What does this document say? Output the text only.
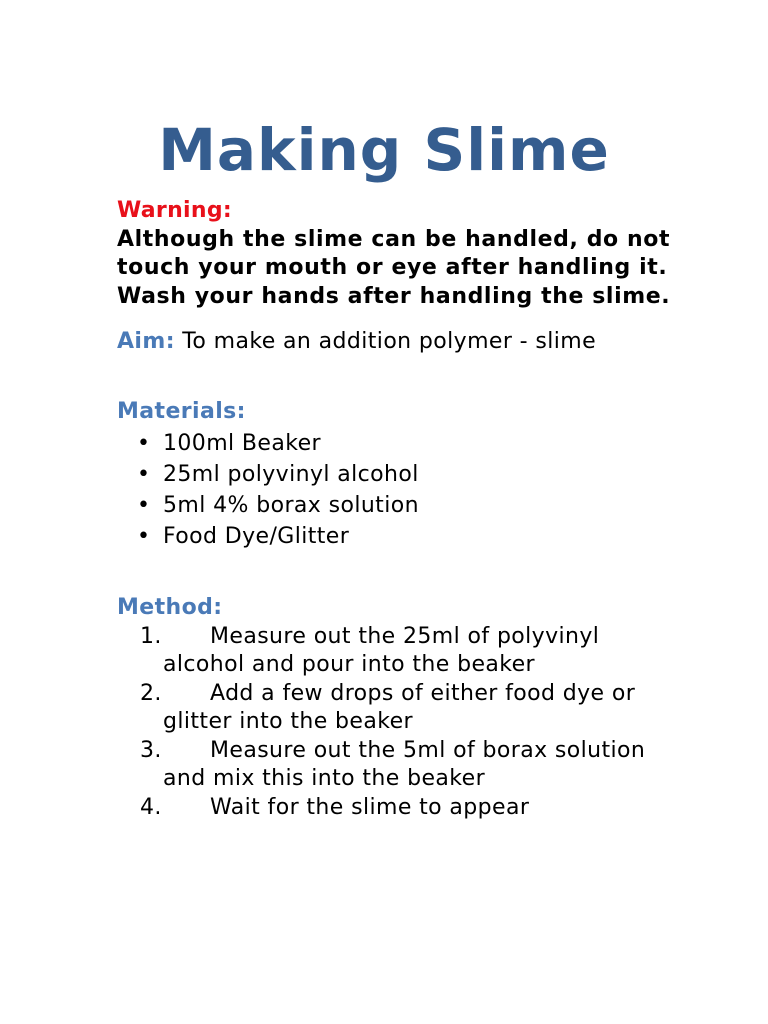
Making Slime
Warning:

Although the slime can be handled, do not touch your mouth or eye after handling it.

Wash your hands after handling the slime.

Aim: To make an addition polymer - slime
Materials:
• 100ml Beaker
• 25ml polyvinyl alcohol
• 5ml 4% borax solution
• Food Dye/Glitter
Method:
1.	Measure out the 25ml of polyvinyl alcohol and pour into the beaker
2.	Add a few drops of either food dye or glitter into the beaker
3.	Measure out the 5ml of borax solution and mix this into the beaker
4.	Wait for the slime to appear
